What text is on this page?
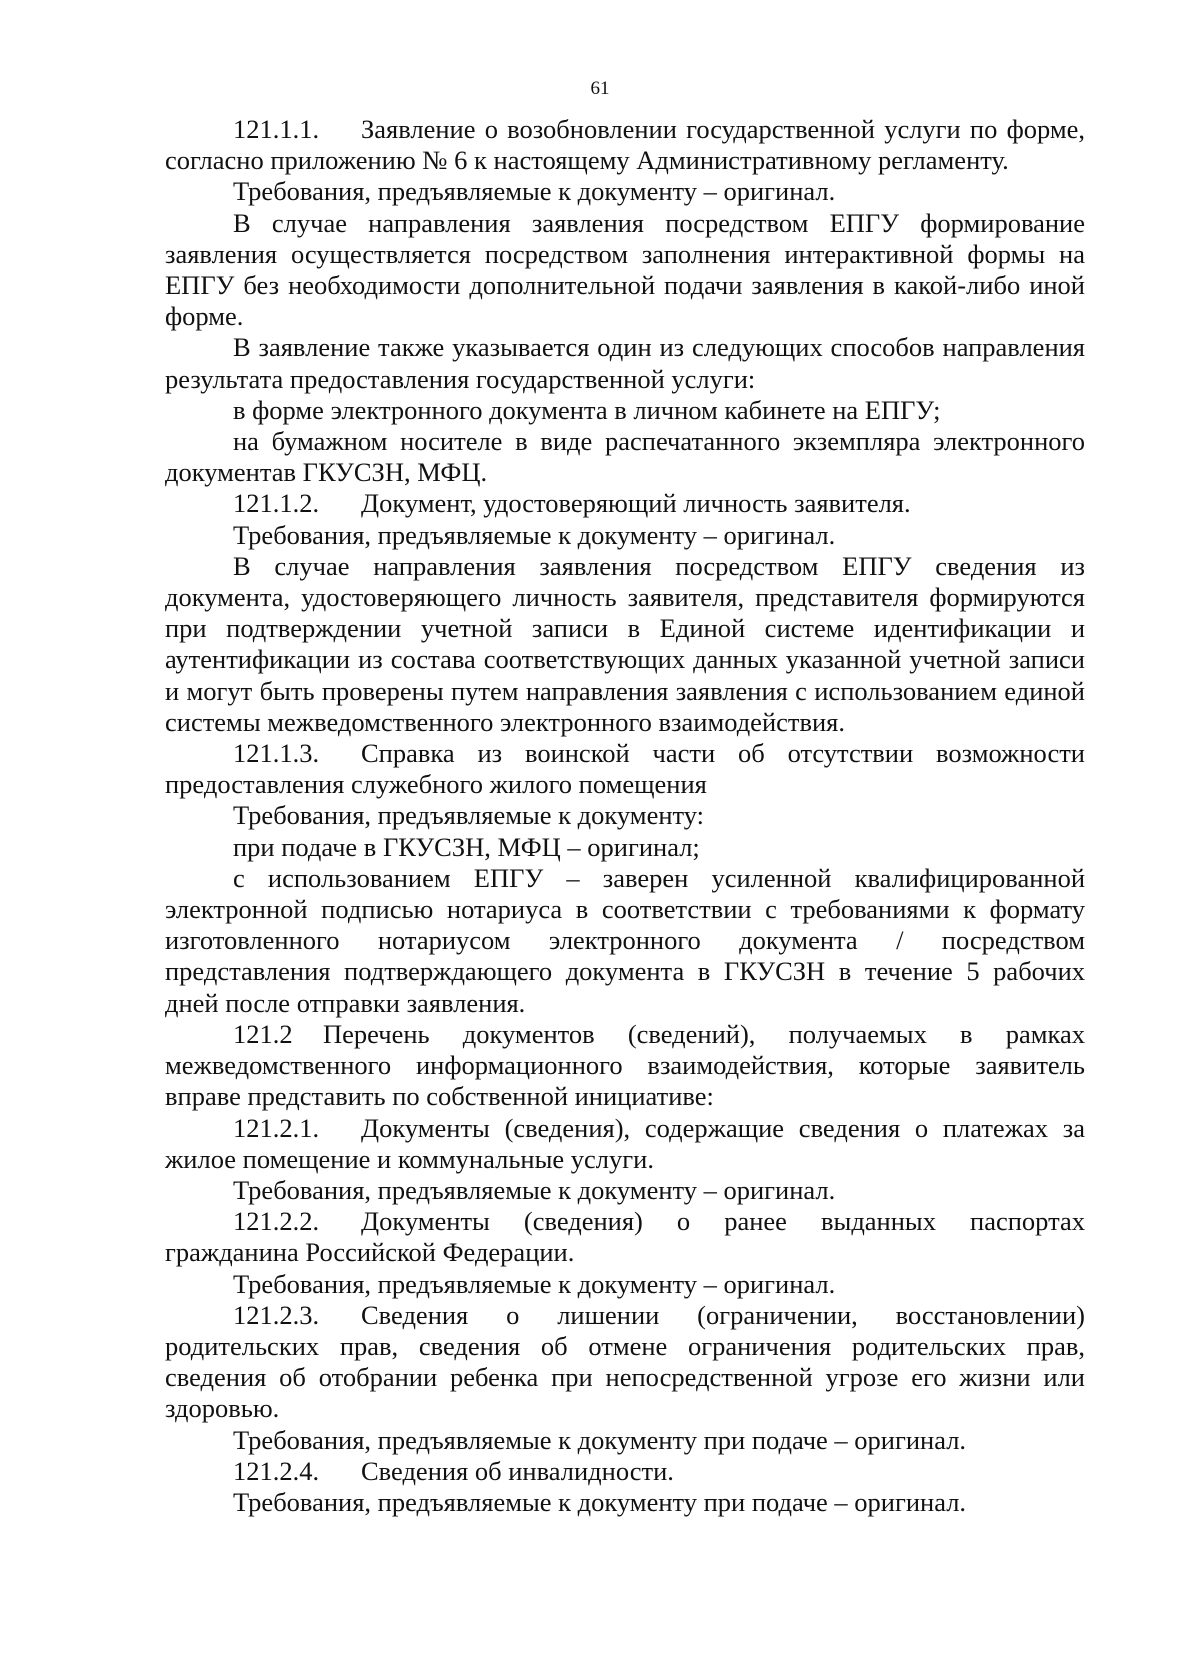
61

121.1.1. Заявление о возобновлении государственной услуги по форме, согласно приложению № 6 к настоящему Административному регламенту.

Требования, предъявляемые к документу – оригинал.

В случае направления заявления посредством ЕПГУ формирование заявления осуществляется посредством заполнения интерактивной формы на ЕПГУ без необходимости дополнительной подачи заявления в какой-либо иной форме.

В заявление также указывается один из следующих способов направления результата предоставления государственной услуги:

в форме электронного документа в личном кабинете на ЕПГУ;

на бумажном носителе в виде распечатанного экземпляра электронного документав ГКУСЗН, МФЦ.

121.1.2. Документ, удостоверяющий личность заявителя.

Требования, предъявляемые к документу – оригинал.

В случае направления заявления посредством ЕПГУ сведения из документа, удостоверяющего личность заявителя, представителя формируются при подтверждении учетной записи в Единой системе идентификации и аутентификации из состава соответствующих данных указанной учетной записи и могут быть проверены путем направления заявления с использованием единой системы межведомственного электронного взаимодействия.

121.1.3. Справка из воинской части об отсутствии возможности предоставления служебного жилого помещения

Требования, предъявляемые к документу:

при подаче в ГКУСЗН, МФЦ – оригинал;

с использованием ЕПГУ – заверен усиленной квалифицированной электронной подписью нотариуса в соответствии с требованиями к формату изготовленного нотариусом электронного документа / посредством представления подтверждающего документа в ГКУСЗН в течение 5 рабочих дней после отправки заявления.

121.2 Перечень документов (сведений), получаемых в рамках межведомственного информационного взаимодействия, которые заявитель вправе представить по собственной инициативе:

121.2.1. Документы (сведения), содержащие сведения о платежах за жилое помещение и коммунальные услуги.

Требования, предъявляемые к документу – оригинал.

121.2.2. Документы (сведения) о ранее выданных паспортах гражданина Российской Федерации.

Требования, предъявляемые к документу – оригинал.

121.2.3. Сведения о лишении (ограничении, восстановлении) родительских прав, сведения об отмене ограничения родительских прав, сведения об отобрании ребенка при непосредственной угрозе его жизни или здоровью.

Требования, предъявляемые к документу при подаче – оригинал.

121.2.4. Сведения об инвалидности.

Требования, предъявляемые к документу при подаче – оригинал.
